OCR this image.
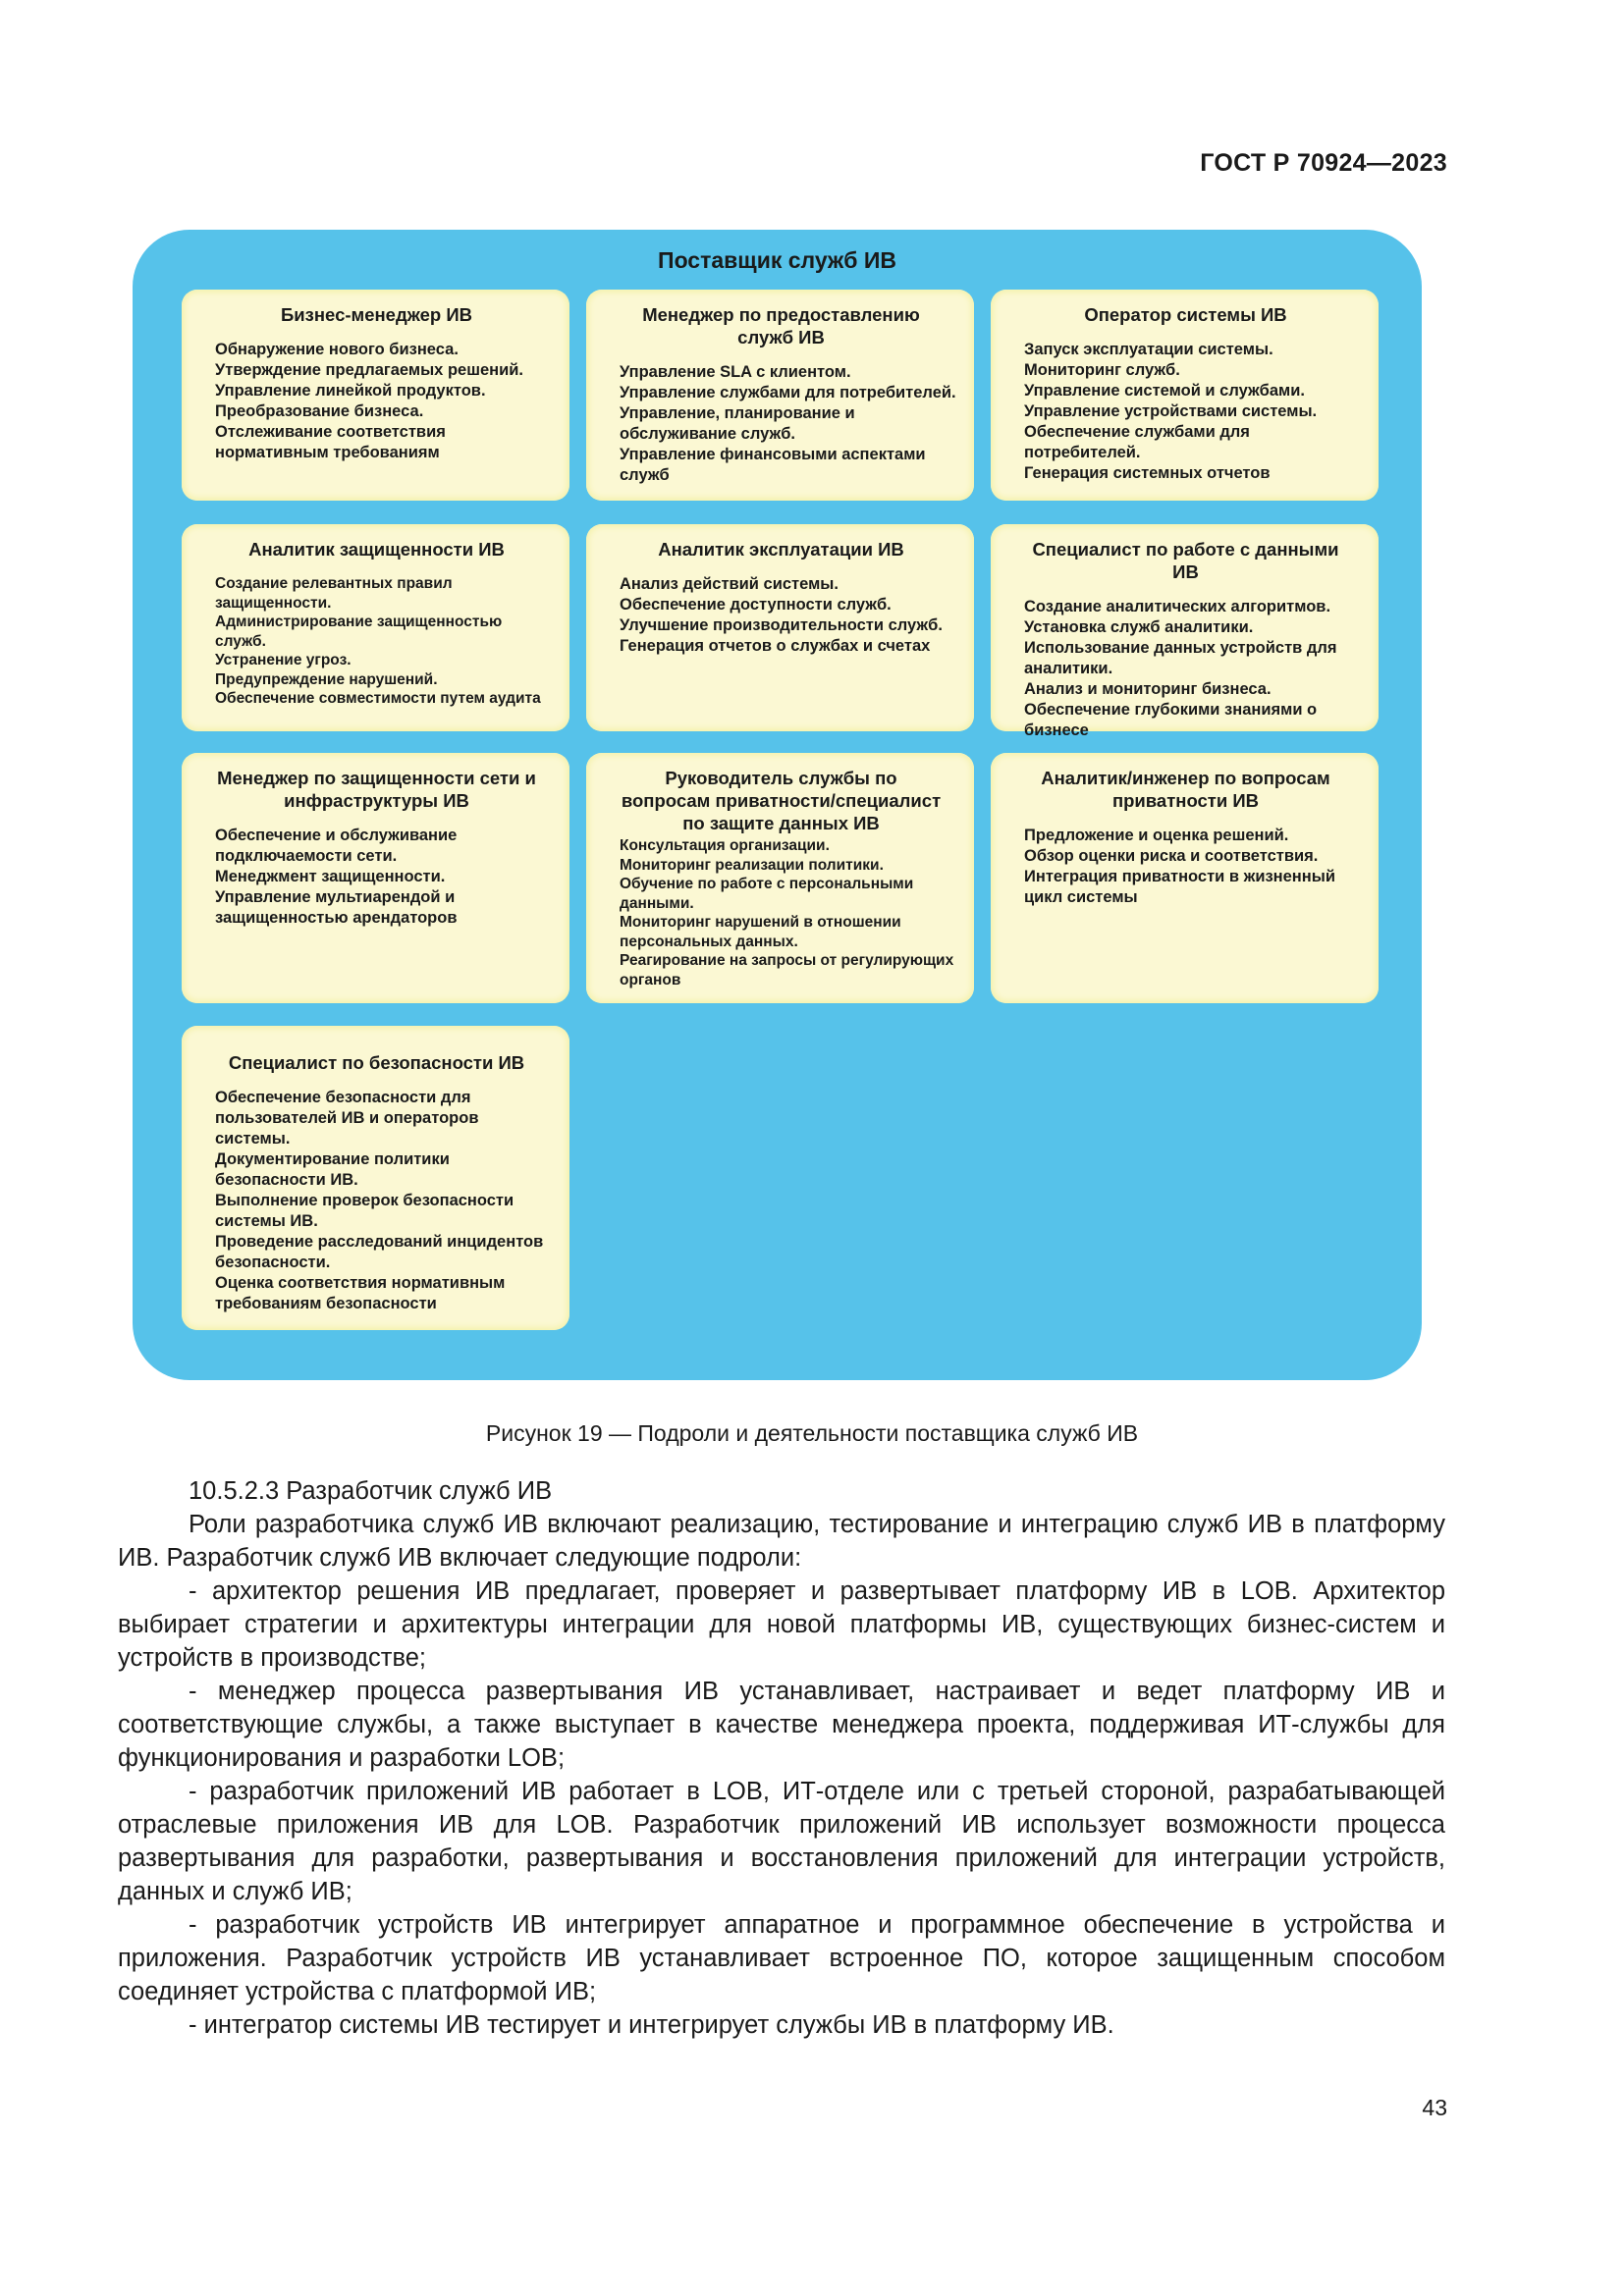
ГОСТ Р 70924—2023
Поставщик служб ИВ
Бизнес-менеджер ИВ
Обнаружение нового бизнеса.
Утверждение предлагаемых решений.
Управление линейкой продуктов.
Преобразование бизнеса.
Отслеживание соответствия нормативным требованиям
Менеджер по предоставлению служб ИВ
Управление SLA с клиентом.
Управление службами для потребителей.
Управление, планирование и обслуживание служб.
Управление финансовыми аспектами служб
Оператор системы ИВ
Запуск эксплуатации системы.
Мониторинг служб.
Управление системой и службами.
Управление устройствами системы.
Обеспечение службами для потребителей.
Генерация системных отчетов
Аналитик защищенности ИВ
Создание релевантных правил защищенности.
Администрирование защищенностью служб.
Устранение угроз.
Предупреждение нарушений.
Обеспечение совместимости путем аудита
Аналитик эксплуатации ИВ
Анализ действий системы.
Обеспечение доступности служб.
Улучшение производительности служб.
Генерация отчетов о службах и счетах
Специалист по работе с данными ИВ
Создание аналитических алгоритмов.
Установка служб аналитики.
Использование данных устройств для аналитики.
Анализ и мониторинг бизнеса.
Обеспечение глубокими знаниями о бизнесе
Менеджер по защищенности сети и инфраструктуры ИВ
Обеспечение и обслуживание подключаемости сети.
Менеджмент защищенности.
Управление мультиарендой и защищенностью арендаторов
Руководитель службы по вопросам приватности/специалист по защите данных ИВ
Консультация организации.
Мониторинг реализации политики.
Обучение по работе с персональными данными.
Мониторинг нарушений в отношении персональных данных.
Реагирование на запросы от регулирующих органов
Аналитик/инженер по вопросам приватности ИВ
Предложение и оценка решений.
Обзор оценки риска и соответствия.
Интеграция приватности в жизненный цикл системы
Специалист по безопасности ИВ
Обеспечение безопасности для пользователей ИВ и операторов системы.
Документирование политики безопасности ИВ.
Выполнение проверок безопасности системы ИВ.
Проведение расследований инцидентов безопасности.
Оценка соответствия нормативным требованиям безопасности
Рисунок 19 — Подроли и деятельности поставщика служб ИВ

10.5.2.3 Разработчик служб ИВ

Роли разработчика служб ИВ включают реализацию, тестирование и интеграцию служб ИВ в платформу ИВ. Разработчик служб ИВ включает следующие подроли:

- архитектор решения ИВ предлагает, проверяет и развертывает платформу ИВ в LOB. Архитектор выбирает стратегии и архитектуры интеграции для новой платформы ИВ, существующих бизнес-систем и устройств в производстве;

- менеджер процесса развертывания ИВ устанавливает, настраивает и ведет платформу ИВ и соответствующие службы, а также выступает в качестве менеджера проекта, поддерживая ИТ-службы для функционирования и разработки LOB;

- разработчик приложений ИВ работает в LOB, ИТ-отделе или с третьей стороной, разрабатывающей отраслевые приложения ИВ для LOB. Разработчик приложений ИВ использует возможности процесса развертывания для разработки, развертывания и восстановления приложений для интеграции устройств, данных и служб ИВ;

- разработчик устройств ИВ интегрирует аппаратное и программное обеспечение в устройства и приложения. Разработчик устройств ИВ устанавливает встроенное ПО, которое защищенным способом соединяет устройства с платформой ИВ;

- интегратор системы ИВ тестирует и интегрирует службы ИВ в платформу ИВ.

43
